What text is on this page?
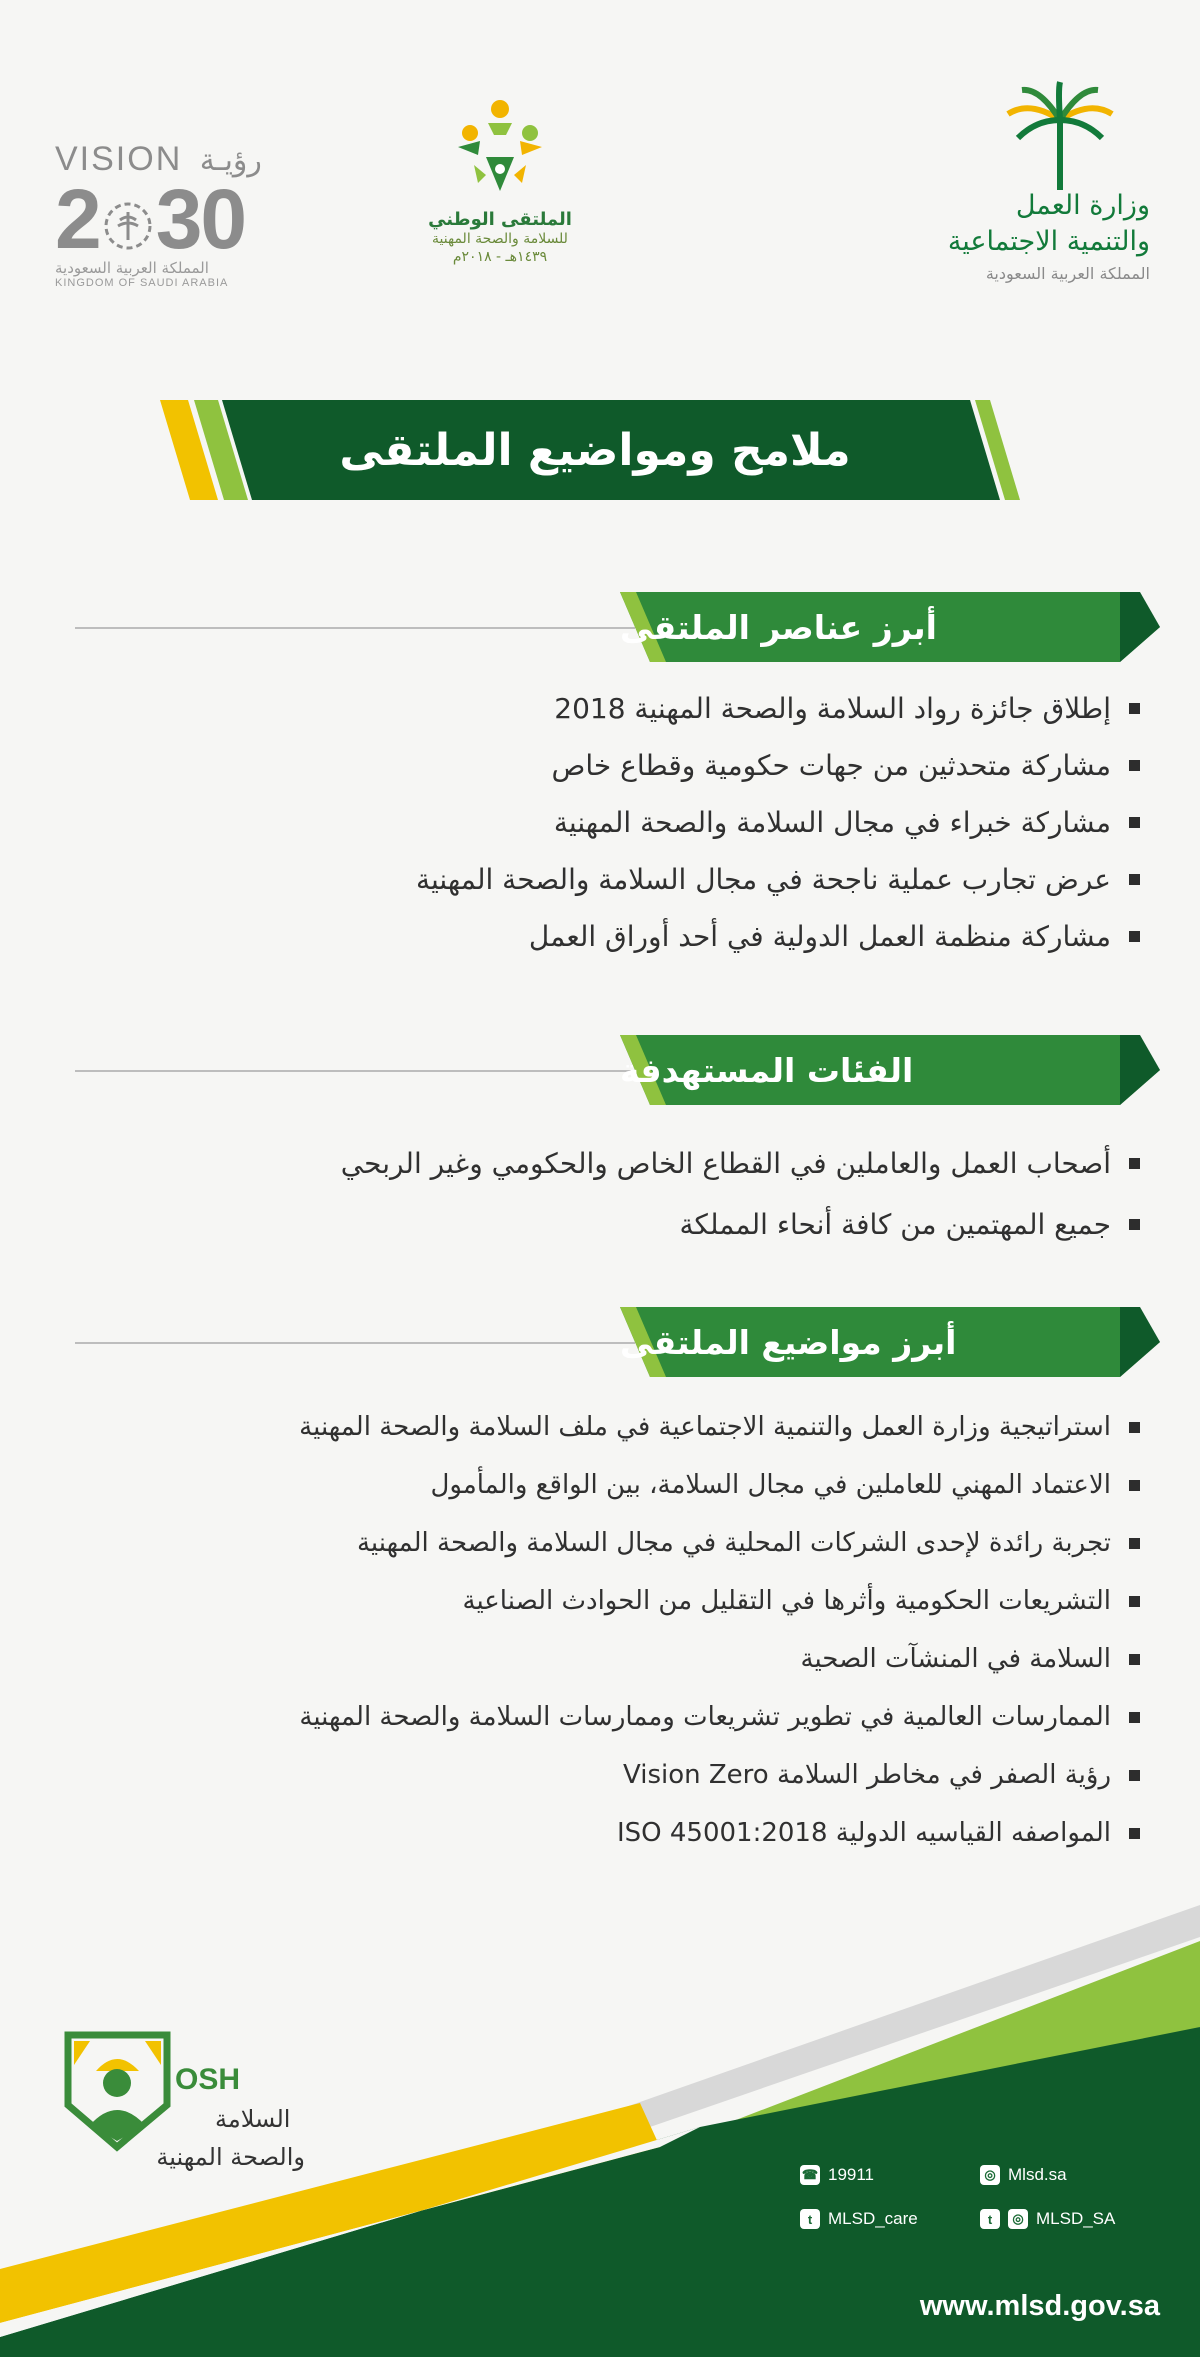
VISION رؤيـة
2 30
المملكة العربية السعودية
KINGDOM OF SAUDI ARABIA
الملتقى الوطني
للسلامة والصحة المهنية
١٤٣٩هـ - ٢٠١٨م
وزارة العمل
والتنمية الاجتماعية
المملكة العربية السعودية
ملامح ومواضيع الملتقى
أبرز عناصر الملتقى
إطلاق جائزة رواد السلامة والصحة المهنية 2018
مشاركة متحدثين من جهات حكومية وقطاع خاص
مشاركة خبراء في مجال السلامة والصحة المهنية
عرض تجارب عملية ناجحة في مجال السلامة والصحة المهنية
مشاركة منظمة العمل الدولية في أحد أوراق العمل
الفئات المستهدفة
أصحاب العمل والعاملين في القطاع الخاص والحكومي وغير الربحي
جميع المهتمين من كافة أنحاء المملكة
أبرز مواضيع الملتقى
استراتيجية وزارة العمل والتنمية الاجتماعية في ملف السلامة والصحة المهنية
الاعتماد المهني للعاملين في مجال السلامة، بين الواقع والمأمول
تجربة رائدة لإحدى الشركات المحلية في مجال السلامة والصحة المهنية
التشريعات الحكومية وأثرها في التقليل من الحوادث الصناعية
السلامة في المنشآت الصحية
الممارسات العالمية في تطوير تشريعات وممارسات السلامة والصحة المهنية
رؤية الصفر في مخاطر السلامة Vision Zero
المواصفه القياسيه الدولية ISO 45001:2018
OSH
السلامة
والصحة المهنية
☎ 19911	◎ Mlsd.sa
t MLSD_care	t	◎ MLSD_SA
www.mlsd.gov.sa
